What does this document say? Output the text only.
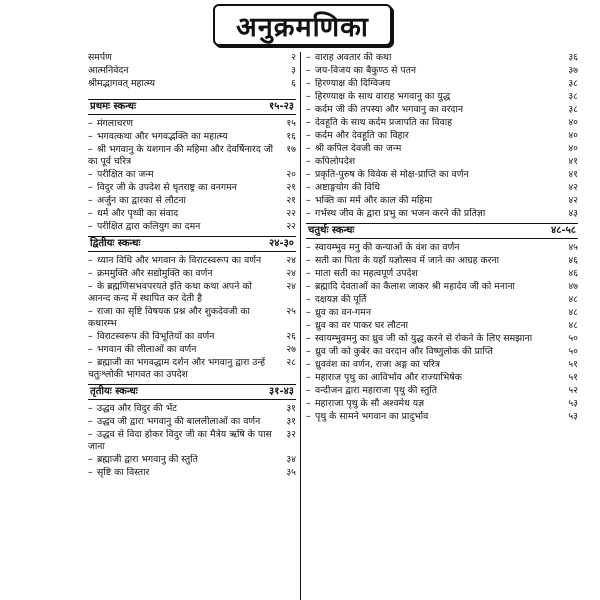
अनुक्रमणिका
समर्पण	२
आत्मनिवेदन	३
श्रीमद्भागवत् महात्म्य	६
प्रथमः स्कन्धः	१५-२३
– मंगलाचरण	१५
– भगवत्कथा और भगवद्भक्ति का महात्म्य	१६
– श्री भगवानु के यशगान की महिमा और देवर्षिनारद जी का पूर्व चरित्र
१७
– परीक्षित का जन्म	२०
– विदुर जी के उपदेश से धृतराष्ट्र का वनगमन	२१
– अर्जुन का द्वारका से लौटना	२१
– धर्म और पृथ्वी का संवाद	२२
– परीक्षित द्वारा कलियुग का दमन	२२
द्वितीयः स्कन्धः	२४-३०
– ध्यान विधि और भगवान के विराटस्वरूप का वर्णन	२४
– क्रममुक्ति और सद्योमुक्ति का वर्णन	२४
– के ब्रह्मणिसभवपरयते इति कथा कथा अपने को आनन्द कन्द में स्थापित कर देती है
२४
– राजा का सृष्टि विषयक प्रश्न और शुकदेवजी का कथारम्भ
२५
– विराटस्वरूप की विभूतियों का वर्णन	२६
– भगवान की लीलाओं का वर्णन	२७
– ब्रह्माजी का भगवद्धाम दर्शन और भगवानु द्वारा उन्हें चतुःश्लोकी भागवत का उपदेश
२८
तृतीयः स्कन्धः	३१-४३
– उद्धव और विदुर की भेंट	३१
– उद्धव जी द्वारा भगवानु की बाललीलाओं का वर्णन	३१
– उद्धव से विदा होकर विदुर जी का मैत्रेय ऋषि के पास जाना
३२
– ब्रह्माजी द्वारा भगवानु की स्तुति	३४
– सृष्टि का विस्तार	३५
– वाराह अवतार की कथा	३६
– जय-विजय का बैकुण्ठ से पतन	३७
– हिरण्याक्ष की दिग्विजय	३८
– हिरण्याक्ष के साथ वाराह भगवानु का युद्ध	३८
– कर्दम जी की तपस्या और भगवानु का वरदान	३८
– देवहूति के साथ कर्दम प्रजापति का विवाह	४०
– कर्दम और देवहूति का विहार	४०
– श्री कपिल देवजी का जन्म	४०
– कपिलोपदेश	४१
– प्रकृति-पुरुष के विवेक से मोक्ष-प्राप्ति का वर्णन	४१
– अष्टाङ्गयोग की विधि	४२
– भक्ति का मर्म और काल की महिमा	४२
– गर्भस्थ जीव के द्वारा प्रभु का भजन करने की प्रतिज्ञा	४३
चतुर्थः स्कन्धः	४८-५८
– स्वायम्भुव मनु की कन्याओं के वंश का वर्णन	४५
– सती का पिता के यहाँ यज्ञोत्सव में जाने का आग्रह करना	४६
– माता सती का महत्वपूर्ण उपदेश	४६
– ब्रह्मादि देवताओं का कैलाश जाकर श्री महादेव जी को मनाना	४७
– दक्षयज्ञ की पूर्ति	४८
– ध्रुव का वन-गमन	४८
– ध्रुव का वर पाकर घर लौटना	४८
– स्वायम्भुवमनु का ध्रुव जी को युद्ध करने से रोकने के लिए समझाना	५०
– ध्रुव जी को कुबेर का वरदान और विष्णुलोक की प्राप्ति	५०
– ध्रुववंश का वर्णन, राजा अङ्ग का चरित्र	५१
– महाराज पृथु का आविर्भाव और राज्याभिषेक	५१
– वन्दीजन द्वारा महाराजा पृथु की स्तुति	५२
– महाराजा पृथु के सौ अश्वमेध यज्ञ	५३
– पृथु के सामने भगवान का प्रादुर्भाव	५३
